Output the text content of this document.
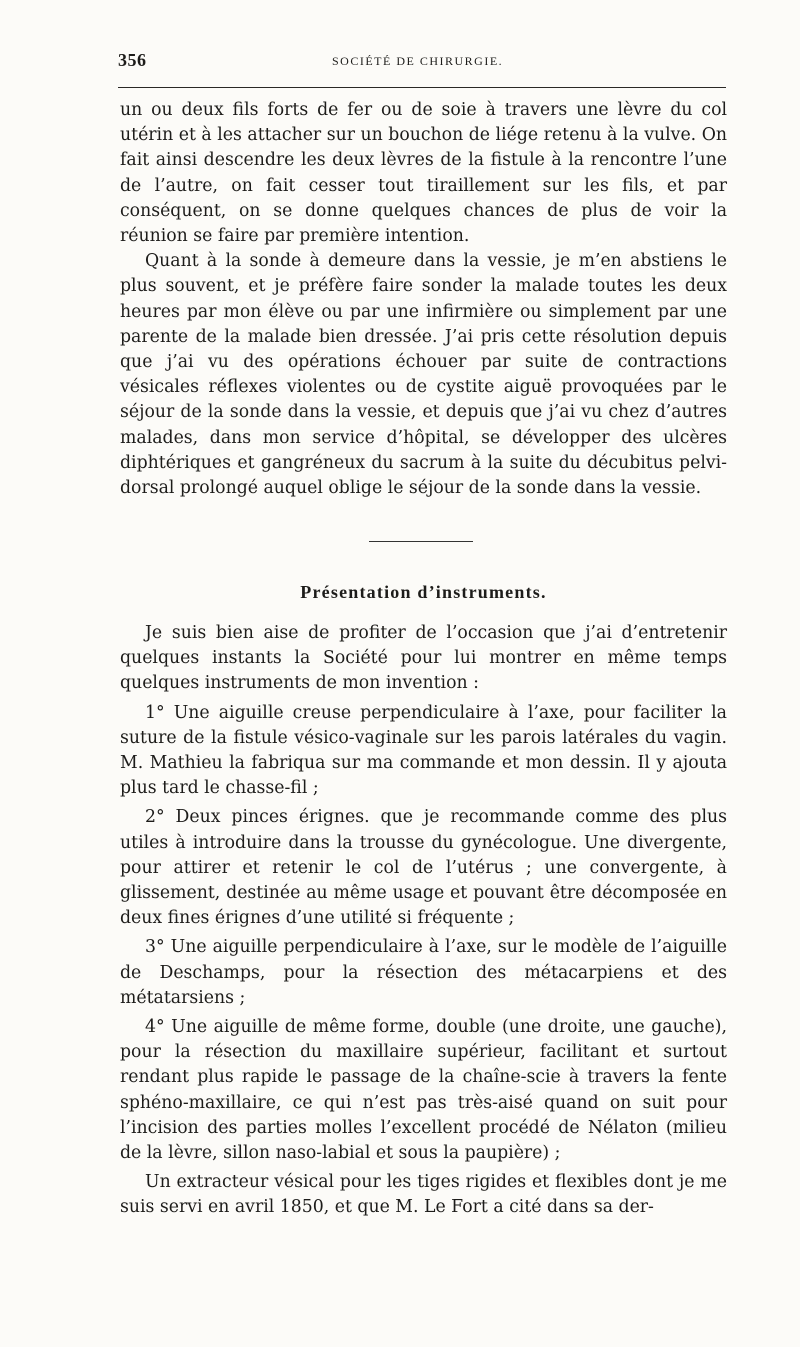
356	SOCIÉTÉ DE CHIRURGIE.

un ou deux fils forts de fer ou de soie à travers une lèvre du col utérin et à les attacher sur un bouchon de liége retenu à la vulve. On fait ainsi descendre les deux lèvres de la fistule à la rencontre l’une de l’autre, on fait cesser tout tiraillement sur les fils, et par conséquent, on se donne quelques chances de plus de voir la réunion se faire par première intention.

Quant à la sonde à demeure dans la vessie, je m’en abstiens le plus souvent, et je préfère faire sonder la malade toutes les deux heures par mon élève ou par une infirmière ou simplement par une parente de la malade bien dressée. J’ai pris cette résolution depuis que j’ai vu des opérations échouer par suite de contractions vésicales réflexes violentes ou de cystite aiguë provoquées par le séjour de la sonde dans la vessie, et depuis que j’ai vu chez d’autres malades, dans mon service d’hôpital, se développer des ulcères diphtériques et gangréneux du sacrum à la suite du décubitus pelvi-dorsal prolongé auquel oblige le séjour de la sonde dans la vessie.

Présentation d’instruments.

Je suis bien aise de profiter de l’occasion que j’ai d’entretenir quelques instants la Société pour lui montrer en même temps quelques instruments de mon invention :

1° Une aiguille creuse perpendiculaire à l’axe, pour faciliter la suture de la fistule vésico-vaginale sur les parois latérales du vagin. M. Mathieu la fabriqua sur ma commande et mon dessin. Il y ajouta plus tard le chasse-fil ;

2° Deux pinces érignes. que je recommande comme des plus utiles à introduire dans la trousse du gynécologue. Une divergente, pour attirer et retenir le col de l’utérus ; une convergente, à glissement, destinée au même usage et pouvant être décomposée en deux fines érignes d’une utilité si fréquente ;

3° Une aiguille perpendiculaire à l’axe, sur le modèle de l’aiguille de Deschamps, pour la résection des métacarpiens et des métatarsiens ;

4° Une aiguille de même forme, double (une droite, une gauche), pour la résection du maxillaire supérieur, facilitant et surtout rendant plus rapide le passage de la chaîne-scie à travers la fente sphéno-maxillaire, ce qui n’est pas très-aisé quand on suit pour l’incision des parties molles l’excellent procédé de Nélaton (milieu de la lèvre, sillon naso-labial et sous la paupière) ;

Un extracteur vésical pour les tiges rigides et flexibles dont je me suis servi en avril 1850, et que M. Le Fort a cité dans sa der-
